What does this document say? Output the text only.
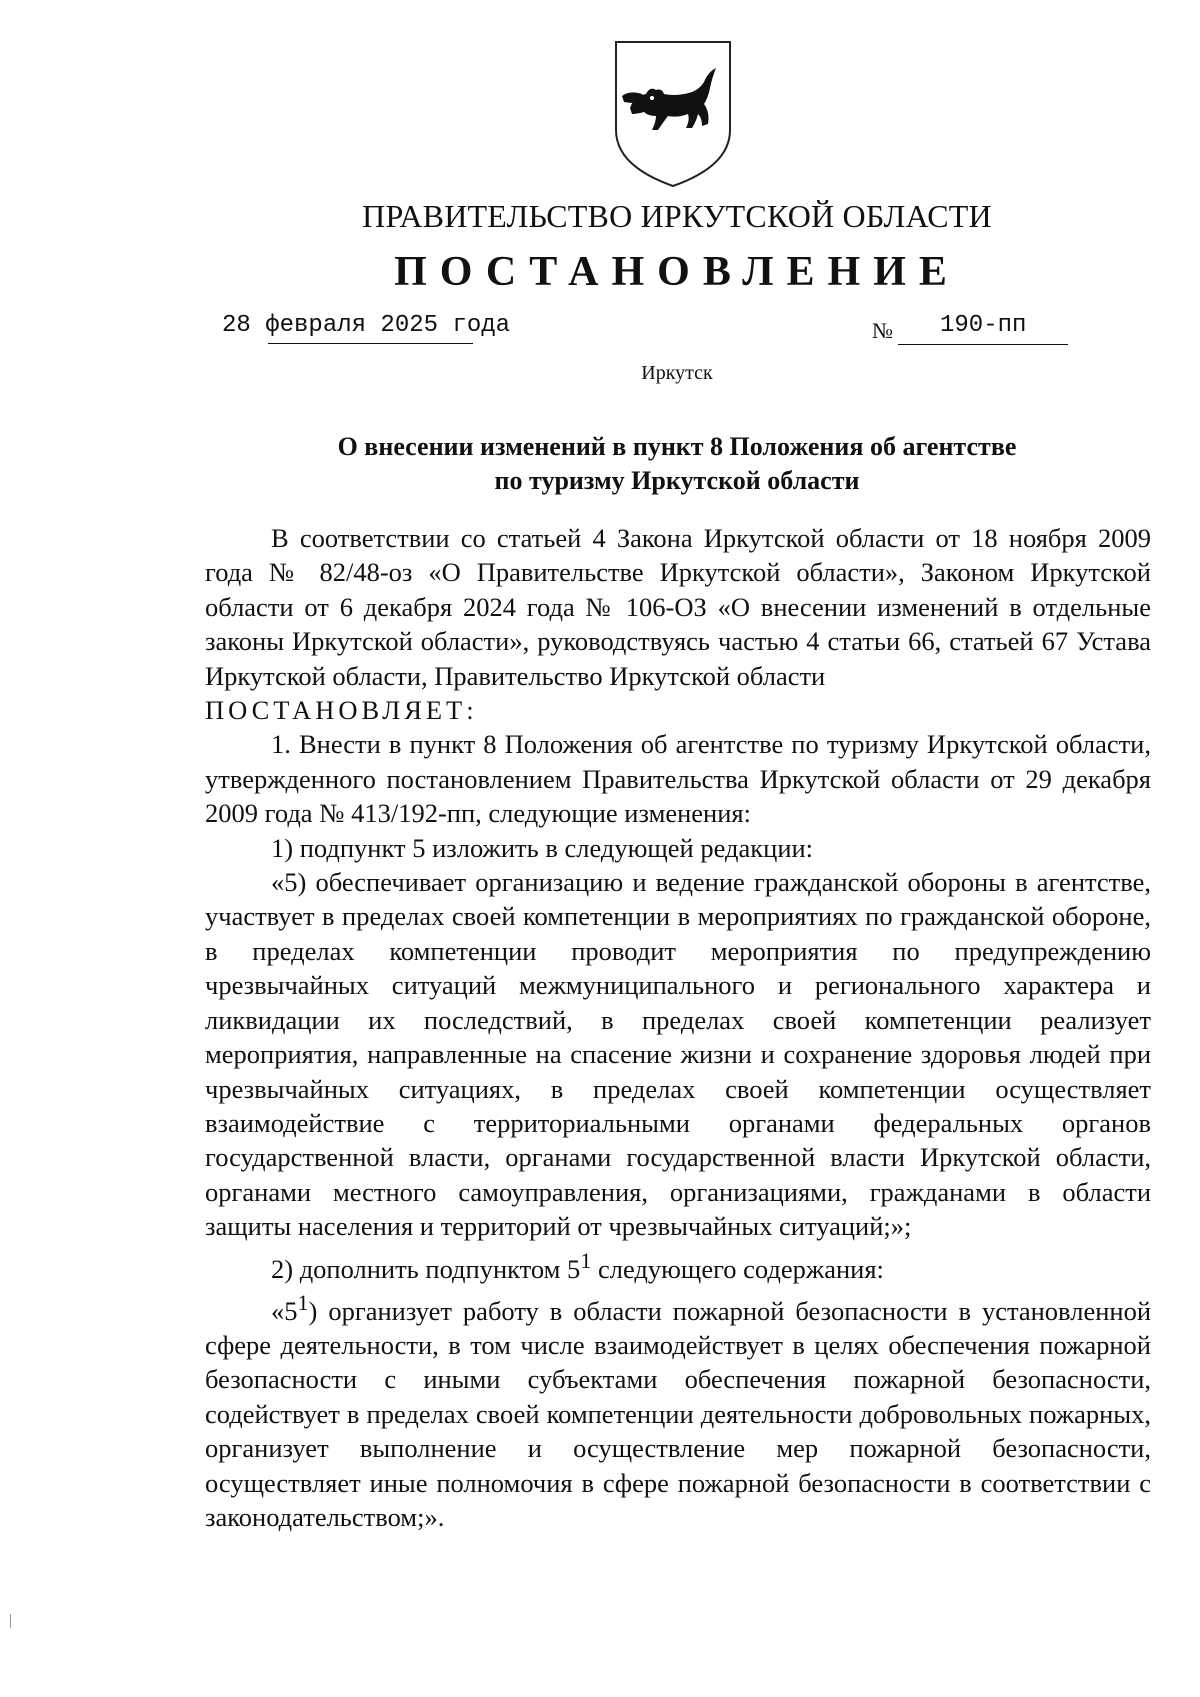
ПРАВИТЕЛЬСТВО ИРКУТСКОЙ ОБЛАСТИ
ПОСТАНОВЛЕНИЕ
28 февраля 2025 года	№ 190-пп
Иркутск
О внесении изменений в пункт 8 Положения об агентстве
по туризму Иркутской области

В соответствии со статьей 4 Закона Иркутской области от 18 ноября 2009 года № 82/48-оз «О Правительстве Иркутской области», Законом Иркутской области от 6 декабря 2024 года № 106-ОЗ «О внесении изменений в отдельные законы Иркутской области», руководствуясь частью 4 статьи 66, статьей 67 Устава Иркутской области, Правительство Иркутской области

ПОСТАНОВЛЯЕТ:

1. Внести в пункт 8 Положения об агентстве по туризму Иркутской области, утвержденного постановлением Правительства Иркутской области от 29 декабря 2009 года № 413/192-пп, следующие изменения:

1) подпункт 5 изложить в следующей редакции:

«5) обеспечивает организацию и ведение гражданской обороны в агентстве, участвует в пределах своей компетенции в мероприятиях по гражданской обороне, в пределах компетенции проводит мероприятия по предупреждению чрезвычайных ситуаций межмуниципального и регионального характера и ликвидации их последствий, в пределах своей компетенции реализует мероприятия, направленные на спасение жизни и сохранение здоровья людей при чрезвычайных ситуациях, в пределах своей компетенции осуществляет взаимодействие с территориальными органами федеральных органов государственной власти, органами государственной власти Иркутской области, органами местного самоуправления, организациями, гражданами в области защиты населения и территорий от чрезвычайных ситуаций;»;

2) дополнить подпунктом $5^1$ следующего содержания:

«$5^1$) организует работу в области пожарной безопасности в установленной сфере деятельности, в том числе взаимодействует в целях обеспечения пожарной безопасности с иными субъектами обеспечения пожарной безопасности, содействует в пределах своей компетенции деятельности добровольных пожарных, организует выполнение и осуществление мер пожарной безопасности, осуществляет иные полномочия в сфере пожарной безопасности в соответствии с законодательством;».
